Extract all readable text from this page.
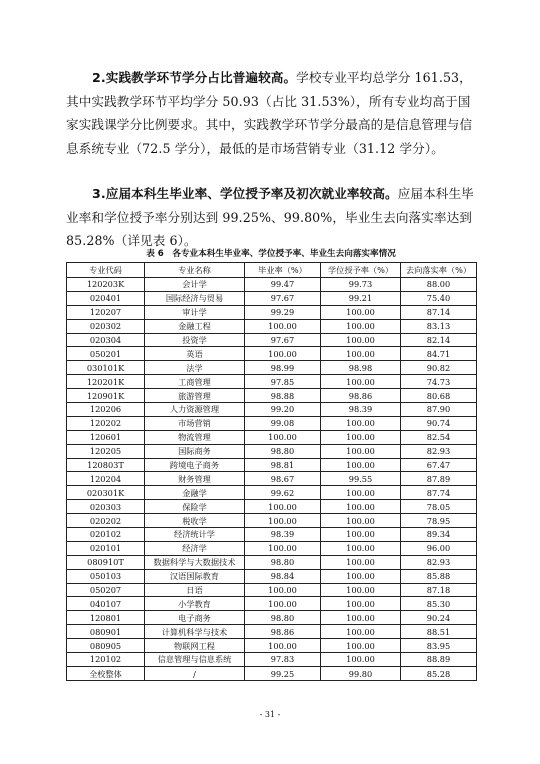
2.实践教学环节学分占比普遍较高。学校专业平均总学分 161.53，其中实践教学环节平均学分 50.93（占比 31.53%），所有专业均高于国家实践课学分比例要求。其中，实践教学环节学分最高的是信息管理与信息系统专业（72.5 学分），最低的是市场营销专业（31.12 学分）。
3.应届本科生毕业率、学位授予率及初次就业率较高。应届本科生毕业率和学位授予率分别达到 99.25%、99.80%，毕业生去向落实率达到 85.28%（详见表 6）。
表 6　各专业本科生毕业率、学位授予率、毕业生去向落实率情况
专业代码	专业名称	毕业率（%）	学位授予率（%）	去向落实率（%）
120203K	会计学	99.47	99.73	88.00
020401	国际经济与贸易	97.67	99.21	75.40
120207	审计学	99.29	100.00	87.14
020302	金融工程	100.00	100.00	83.13
020304	投资学	97.67	100.00	82.14
050201	英语	100.00	100.00	84.71
030101K	法学	98.99	98.98	90.82
120201K	工商管理	97.85	100.00	74.73
120901K	旅游管理	98.88	98.86	80.68
120206	人力资源管理	99.20	98.39	87.90
120202	市场营销	99.08	100.00	90.74
120601	物流管理	100.00	100.00	82.54
120205	国际商务	98.80	100.00	82.93
120803T	跨境电子商务	98.81	100.00	67.47
120204	财务管理	98.67	99.55	87.89
020301K	金融学	99.62	100.00	87.74
020303	保险学	100.00	100.00	78.05
020202	税收学	100.00	100.00	78.95
020102	经济统计学	98.39	100.00	89.34
020101	经济学	100.00	100.00	96.00
080910T	数据科学与大数据技术	98.80	100.00	82.93
050103	汉语国际教育	98.84	100.00	85.88
050207	日语	100.00	100.00	87.18
040107	小学教育	100.00	100.00	85.30
120801	电子商务	98.80	100.00	90.24
080901	计算机科学与技术	98.86	100.00	88.51
080905	物联网工程	100.00	100.00	83.95
120102	信息管理与信息系统	97.83	100.00	88.89
全校整体	/	99.25	99.80	85.28
- 31 -
